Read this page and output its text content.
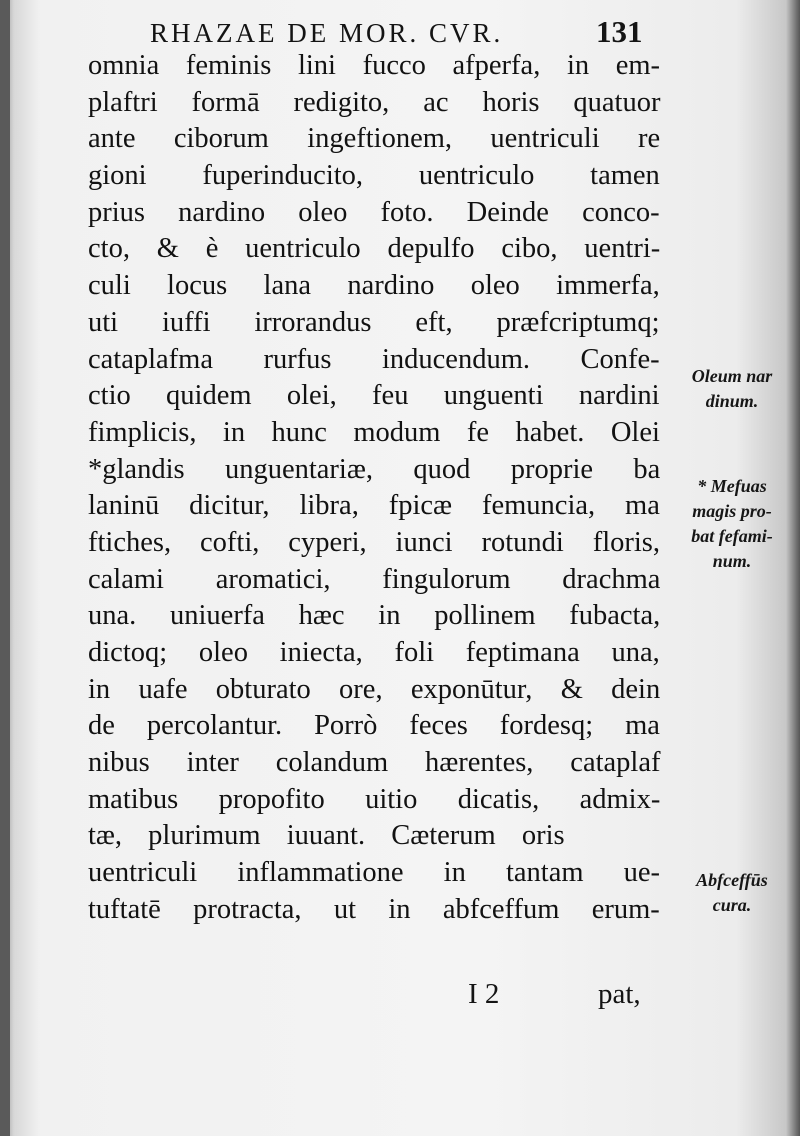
RHAZAE DE MOR. CVR.	131
omnia feminis lini fucco afperfa, in em-
plaftri formā redigito, ac horis quatuor
ante ciborum ingeftionem, uentriculi re
gioni fuperinducito, uentriculo tamen
prius nardino oleo foto. Deinde conco-
cto, & è uentriculo depulfo cibo, uentri-
culi locus lana nardino oleo immerfa,
uti iuffi irrorandus eft, præfcriptumq;
cataplafma rurfus inducendum. Confe-
ctio quidem olei, feu unguenti nardini
fimplicis, in hunc modum fe habet. Olei
*glandis unguentariæ, quod proprie ba
laninū dicitur, libra, fpicæ femuncia, ma
ftiches, cofti, cyperi, iunci rotundi floris,
calami aromatici, fingulorum drachma
una. uniuerfa hæc in pollinem fubacta,
dictoq; oleo iniecta, foli feptimana una,
in uafe obturato ore, exponūtur, & dein
de percolantur. Porrò feces fordesq; ma
nibus inter colandum hærentes, cataplaf
matibus propofito uitio dicatis, admix-
tæ, plurimum iuuant. Cæterum oris
uentriculi inflammatione in tantam ue-
tuftatē protracta, ut in abfceffum erum-
Oleum nar
dinum.
* Mefuas
magis pro-
bat fefami-
num.
Abfceffūs
cura.
I 2	pat,
